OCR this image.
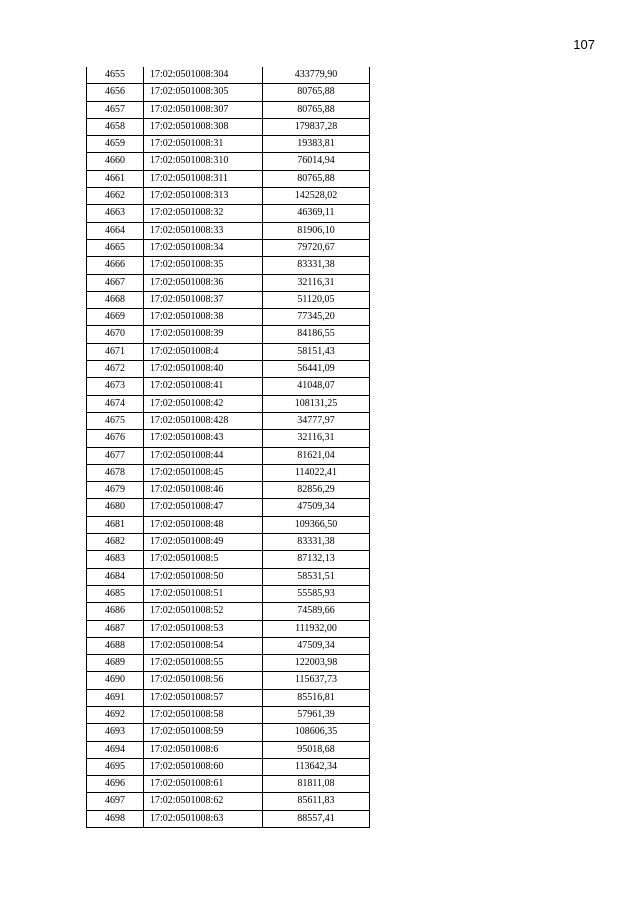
107
4655	17:02:0501008:304	433779,90
4656	17:02:0501008:305	80765,88
4657	17:02:0501008:307	80765,88
4658	17:02:0501008:308	179837,28
4659	17:02:0501008:31	19383,81
4660	17:02:0501008:310	76014,94
4661	17:02:0501008:311	80765,88
4662	17:02:0501008:313	142528,02
4663	17:02:0501008:32	46369,11
4664	17:02:0501008:33	81906,10
4665	17:02:0501008:34	79720,67
4666	17:02:0501008:35	83331,38
4667	17:02:0501008:36	32116,31
4668	17:02:0501008:37	51120,05
4669	17:02:0501008:38	77345,20
4670	17:02:0501008:39	84186,55
4671	17:02:0501008:4	58151,43
4672	17:02:0501008:40	56441,09
4673	17:02:0501008:41	41048,07
4674	17:02:0501008:42	108131,25
4675	17:02:0501008:428	34777,97
4676	17:02:0501008:43	32116,31
4677	17:02:0501008:44	81621,04
4678	17:02:0501008:45	114022,41
4679	17:02:0501008:46	82856,29
4680	17:02:0501008:47	47509,34
4681	17:02:0501008:48	109366,50
4682	17:02:0501008:49	83331,38
4683	17:02:0501008:5	87132,13
4684	17:02:0501008:50	58531,51
4685	17:02:0501008:51	55585,93
4686	17:02:0501008:52	74589,66
4687	17:02:0501008:53	111932,00
4688	17:02:0501008:54	47509,34
4689	17:02:0501008:55	122003,98
4690	17:02:0501008:56	115637,73
4691	17:02:0501008:57	85516,81
4692	17:02:0501008:58	57961,39
4693	17:02:0501008:59	108606,35
4694	17:02:0501008:6	95018,68
4695	17:02:0501008:60	113642,34
4696	17:02:0501008:61	81811,08
4697	17:02:0501008:62	85611,83
4698	17:02:0501008:63	88557,41
